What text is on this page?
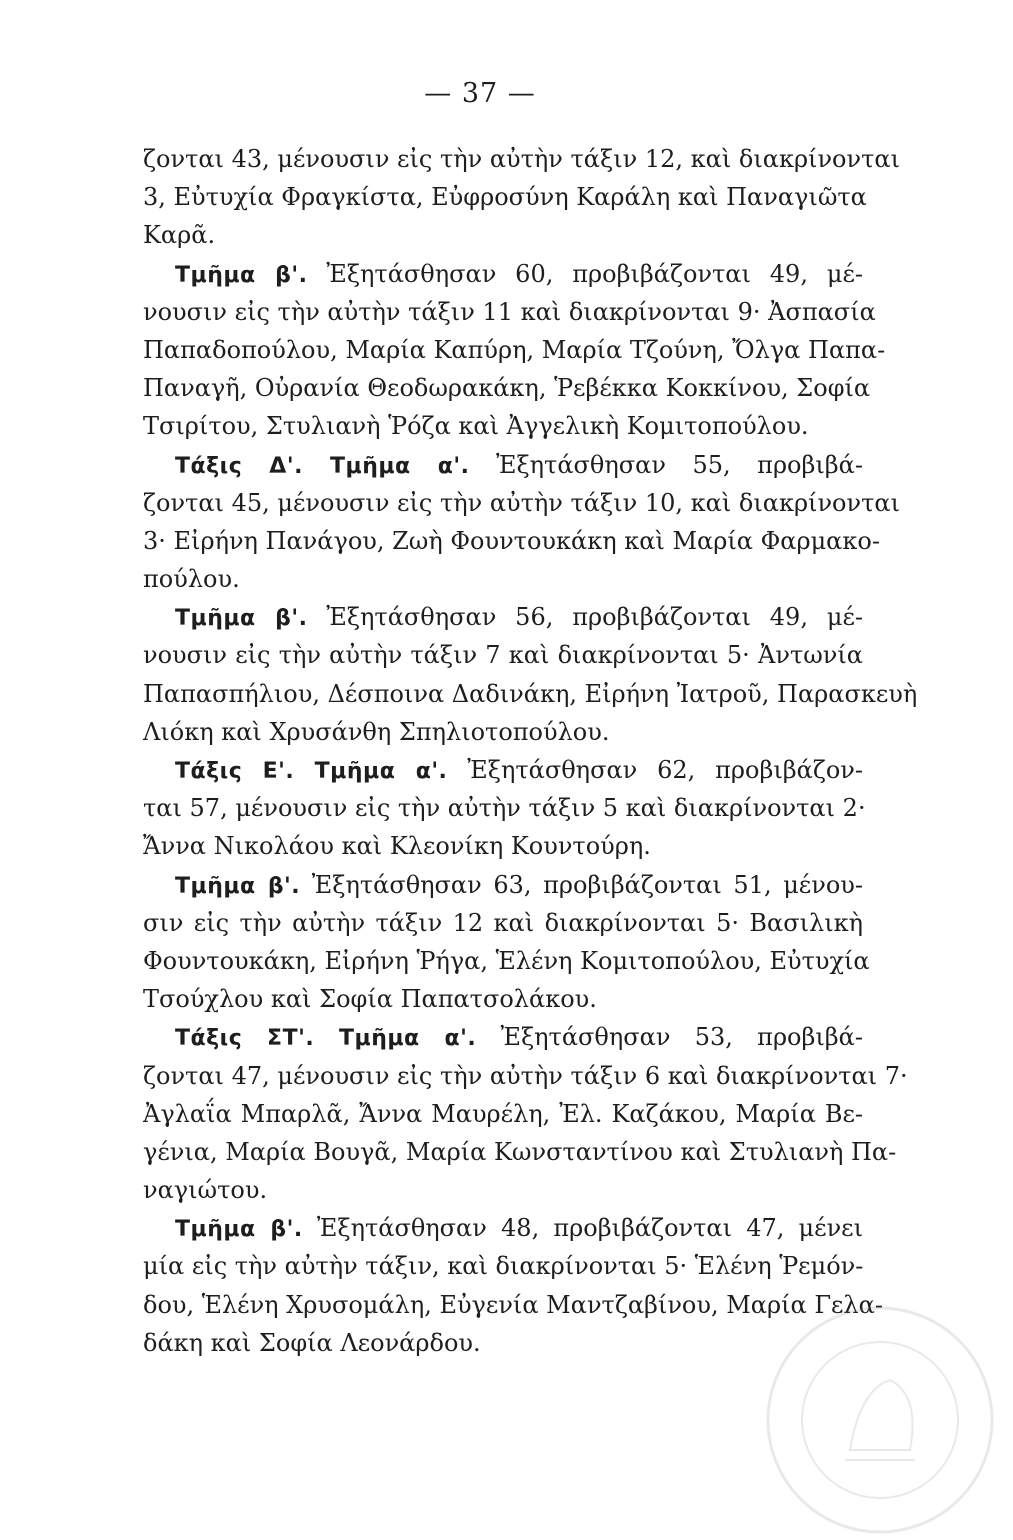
— 37 —
ζονται 43, μένουσιν εἰς τὴν αὐτὴν τάξιν 12, καὶ διακρίνονται
3, Εὐτυχία Φραγκίστα, Εὐφροσύνη Καράλη καὶ Παναγιῶτα
Καρᾶ.
Τμῆμα β'. Ἐξητάσθησαν 60, προβιβάζονται 49, μέ-
νουσιν εἰς τὴν αὐτὴν τάξιν 11 καὶ διακρίνονται 9· Ἀσπασία
Παπαδοπούλου, Μαρία Καπύρη, Μαρία Τζούνη, Ὄλγα Παπα-
Παναγῆ, Οὐρανία Θεοδωρακάκη, Ῥεβέκκα Κοκκίνου, Σοφία
Τσιρίτου, Στυλιανὴ Ῥόζα καὶ Ἀγγελικὴ Κομιτοπούλου.
Τάξις Δ'. Τμῆμα α'. Ἐξητάσθησαν 55, προβιβά-
ζονται 45, μένουσιν εἰς τὴν αὐτὴν τάξιν 10, καὶ διακρίνονται
3· Εἰρήνη Πανάγου, Ζωὴ Φουντουκάκη καὶ Μαρία Φαρμακο-
πούλου.
Τμῆμα β'. Ἐξητάσθησαν 56, προβιβάζονται 49, μέ-
νουσιν εἰς τὴν αὐτὴν τάξιν 7 καὶ διακρίνονται 5· Ἀντωνία
Παπασπήλιου, Δέσποινα Δαδινάκη, Εἰρήνη Ἰατροῦ, Παρασκευὴ
Λιόκη καὶ Χρυσάνθη Σπηλιοτοπούλου.
Τάξις Ε'. Τμῆμα α'. Ἐξητάσθησαν 62, προβιβάζον-
ται 57, μένουσιν εἰς τὴν αὐτὴν τάξιν 5 καὶ διακρίνονται 2·
Ἄννα Νικολάου καὶ Κλεονίκη Κουντούρη.
Τμῆμα β'. Ἐξητάσθησαν 63, προβιβάζονται 51, μένου-
σιν εἰς τὴν αὐτὴν τάξιν 12 καὶ διακρίνονται 5· Βασιλικὴ
Φουντουκάκη, Εἰρήνη Ῥήγα, Ἑλένη Κομιτοπούλου, Εὐτυχία
Τσούχλου καὶ Σοφία Παπατσολάκου.
Τάξις ΣΤ'. Τμῆμα α'. Ἐξητάσθησαν 53, προβιβά-
ζονται 47, μένουσιν εἰς τὴν αὐτὴν τάξιν 6 καὶ διακρίνονται 7·
Ἀγλαΐα Μπαρλᾶ, Ἄννα Μαυρέλη, Ἐλ. Καζάκου, Μαρία Βε-
γένια, Μαρία Βουγᾶ, Μαρία Κωνσταντίνου καὶ Στυλιανὴ Πα-
ναγιώτου.
Τμῆμα β'. Ἐξητάσθησαν 48, προβιβάζονται 47, μένει
μία εἰς τὴν αὐτὴν τάξιν, καὶ διακρίνονται 5· Ἑλένη Ῥεμόν-
δου, Ἑλένη Χρυσομάλη, Εὐγενία Μαντζαβίνου, Μαρία Γελα-
δάκη καὶ Σοφία Λεονάρδου.
